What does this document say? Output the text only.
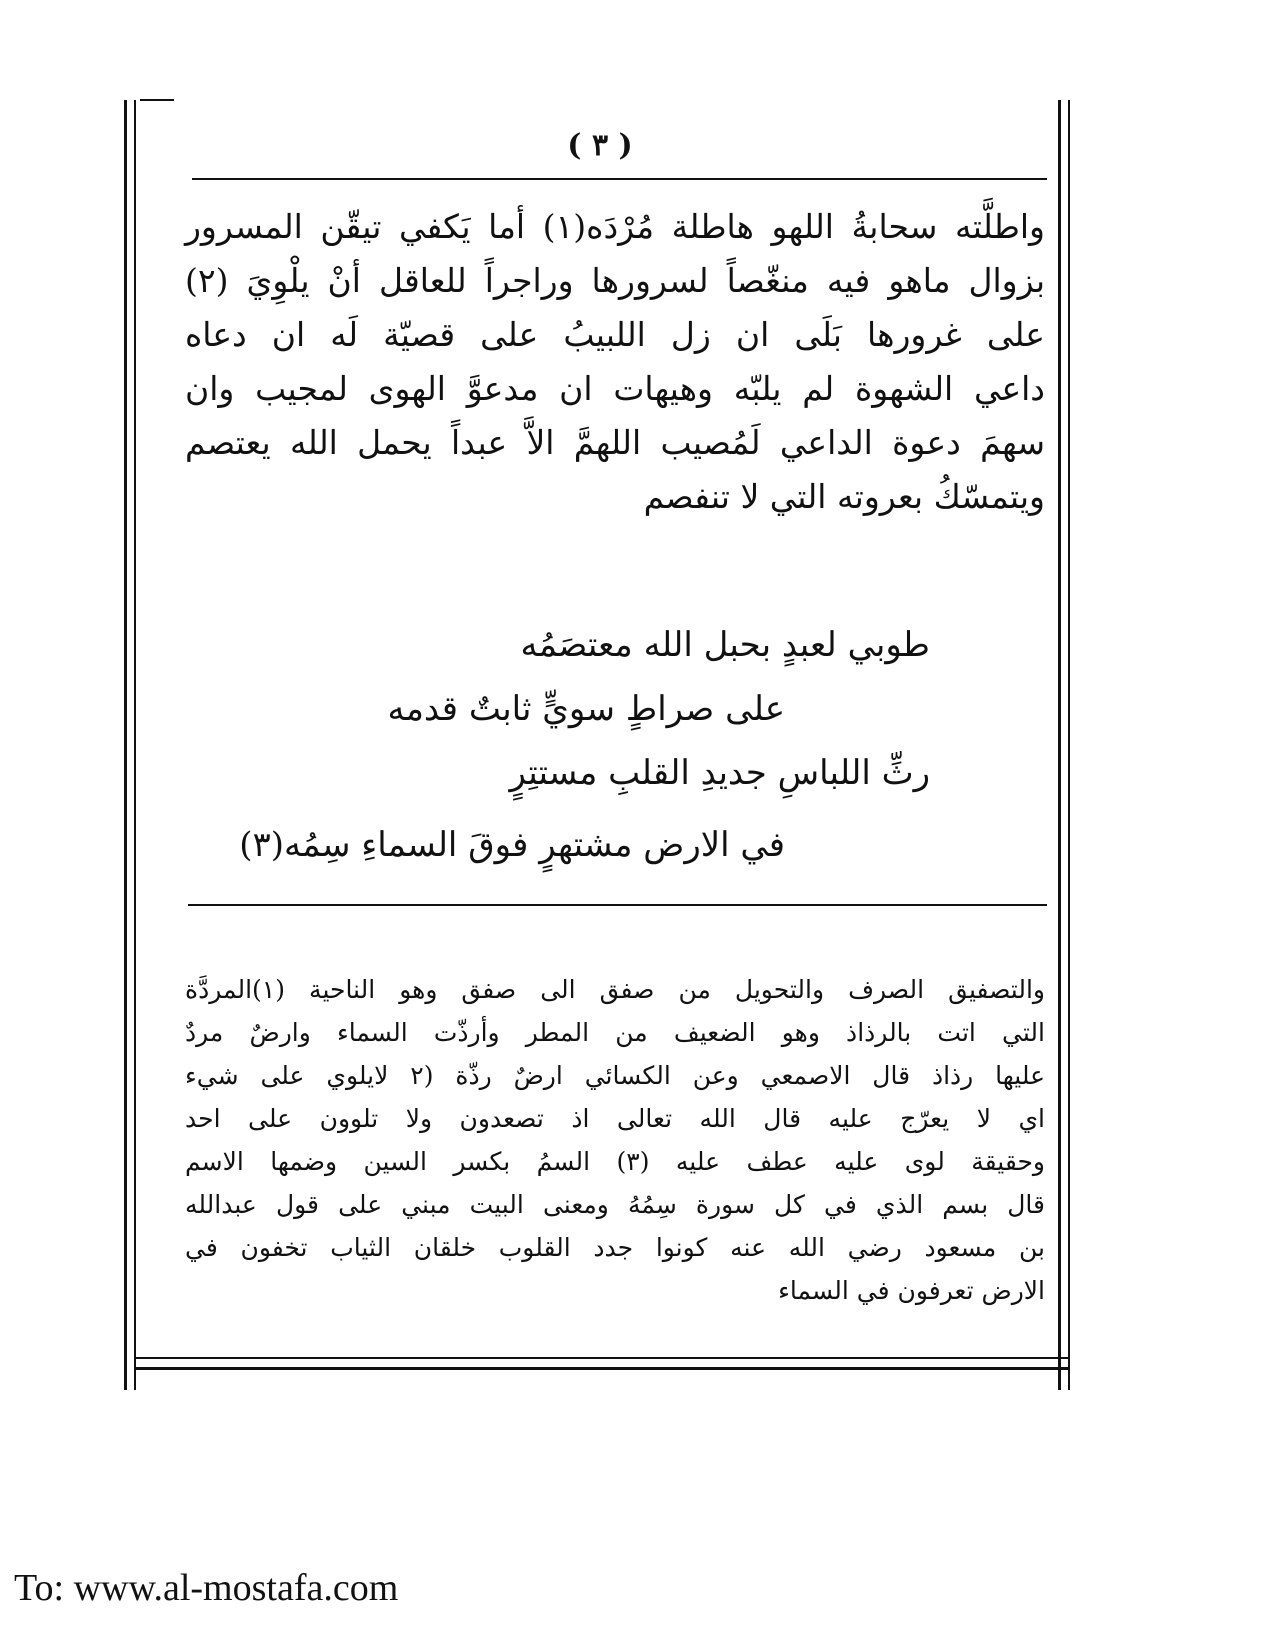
( ٣ )
واطلَّته سحابةُ اللهو هاطلة مُرْدَه(١) أما يَكفي تيقّن المسرور
بزوال ماهو فيه منغّصاً لسرورها وراجراً للعاقل أنْ يلْوِيَ (٢)
على غرورها بَلَى ان زل اللبيبُ على قصيّة لَه ان دعاه
داعي الشهوة لم يلبّه وهيهات ان مدعوَّ الهوى لمجيب وان
سهمَ دعوة الداعي لَمُصيب اللهمَّ الاَّ عبداً يحمل الله يعتصم
ويتمسّكُ بعروته التي لا تنفصم
طوبي لعبدٍ بحبل الله معتصَمُه
على صراطٍ سويٍّ ثابتٌ قدمه
رثِّ اللباسِ جديدِ القلبِ مستتِرٍ
في الارض مشتهرٍ فوقَ السماءِ سِمُه(٣)
والتصفيق الصرف والتحويل من صفق الى صفق وهو الناحية (١)المردَّة
التي اتت بالرذاذ وهو الضعيف من المطر وأرذّت السماء وارضٌ مردٌ
عليها رذاذ قال الاصمعي وعن الكسائي ارضٌ رذّة (٢ لايلوي على شيء
اي لا يعرّج عليه قال الله تعالى اذ تصعدون ولا تلوون على احد
وحقيقة لوى عليه عطف عليه (٣) السمُ بكسر السين وضمها الاسم
قال بسم الذي في كل سورة سِمُهُ ومعنى البيت مبني على قول عبدالله
بن مسعود رضي الله عنه كونوا جدد القلوب خلقان الثياب تخفون في
الارض تعرفون في السماء
To: www.al-mostafa.com
